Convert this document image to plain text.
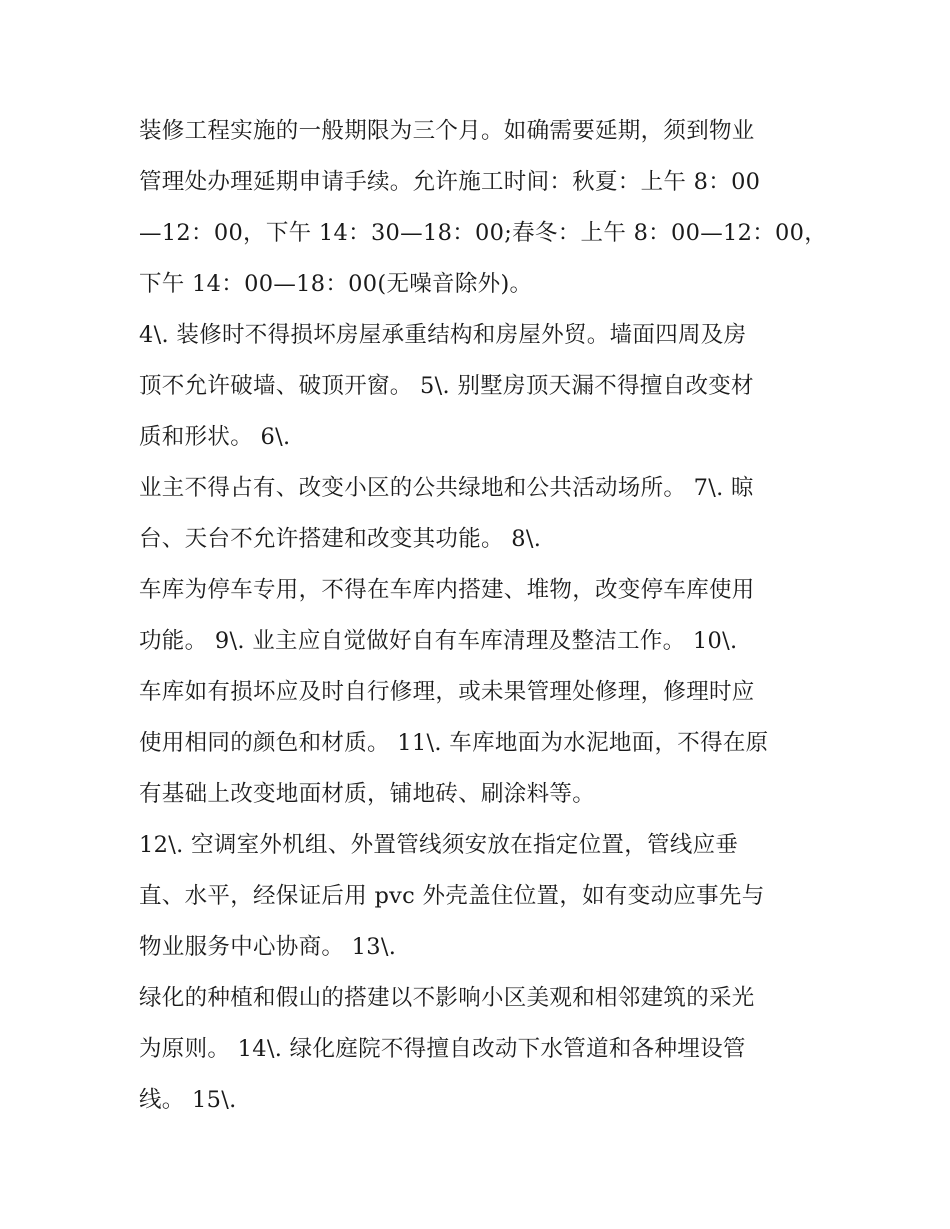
装修工程实施的一般期限为三个月。如确需要延期，须到物业
管理处办理延期申请手续。允许施工时间：秋夏：上午 8：00
—12：00，下午 14：30—18：00;春冬：上午 8：00—12：00，
下午 14：00—18：00(无噪音除外)。
4\. 装修时不得损坏房屋承重结构和房屋外贸。墙面四周及房
顶不允许破墙、破顶开窗。 5\. 别墅房顶天漏不得擅自改变材
质和形状。 6\.
业主不得占有、改变小区的公共绿地和公共活动场所。 7\. 晾
台、天台不允许搭建和改变其功能。 8\.
车库为停车专用，不得在车库内搭建、堆物，改变停车库使用
功能。 9\. 业主应自觉做好自有车库清理及整洁工作。 10\.
车库如有损坏应及时自行修理，或未果管理处修理，修理时应
使用相同的颜色和材质。 11\. 车库地面为水泥地面，不得在原
有基础上改变地面材质，铺地砖、刷涂料等。
12\. 空调室外机组、外置管线须安放在指定位置，管线应垂
直、水平，经保证后用 pvc 外壳盖住位置，如有变动应事先与
物业服务中心协商。 13\.
绿化的种植和假山的搭建以不影响小区美观和相邻建筑的采光
为原则。 14\. 绿化庭院不得擅自改动下水管道和各种埋设管
线。 15\.
